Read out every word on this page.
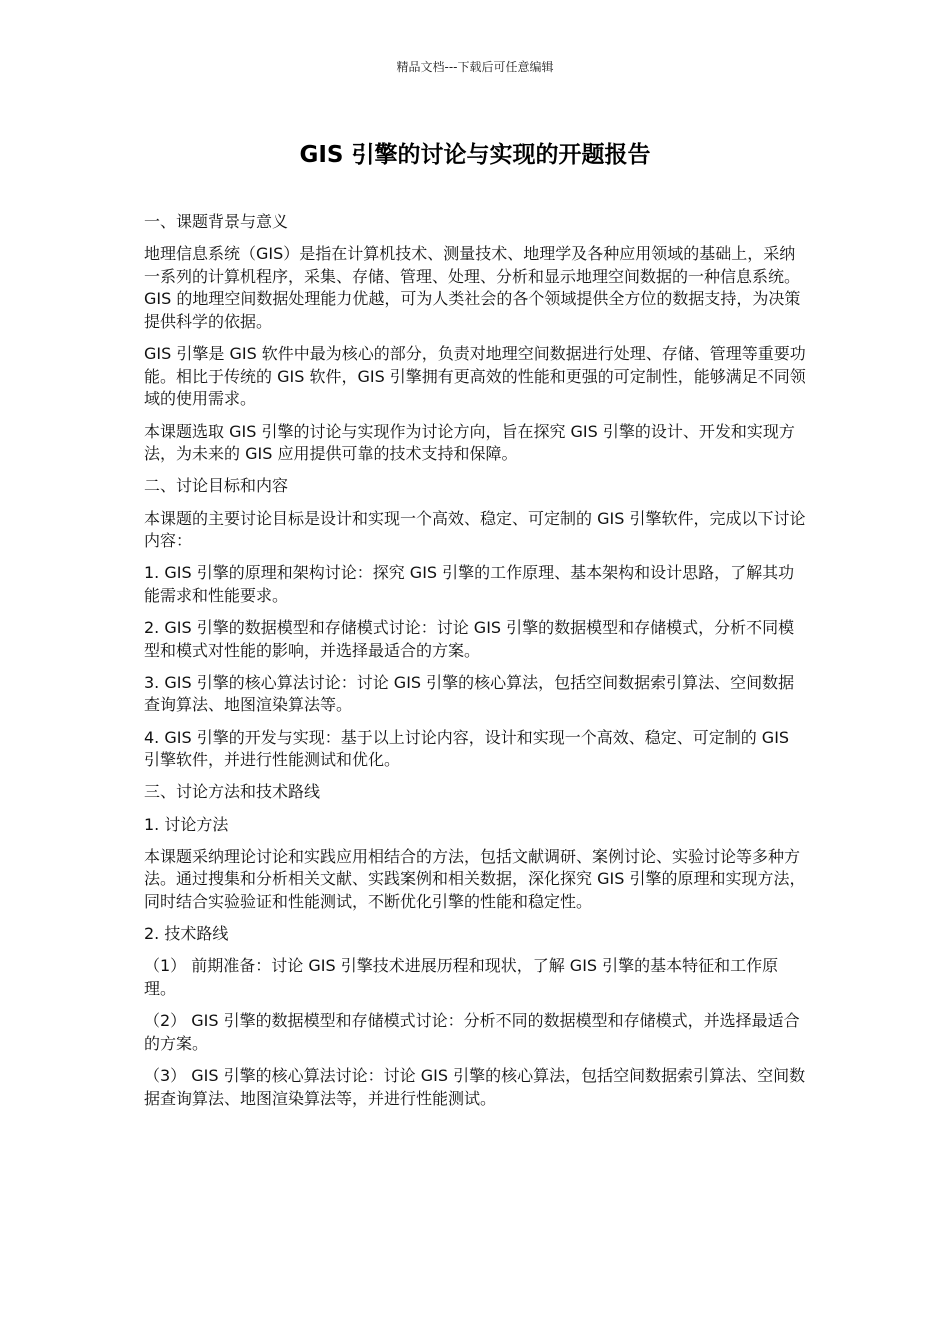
精品文档---下载后可任意编辑
GIS 引擎的讨论与实现的开题报告

一、课题背景与意义

地理信息系统（GIS）是指在计算机技术、测量技术、地理学及各种应用领域的基础上，采纳一系列的计算机程序，采集、存储、管理、处理、分析和显示地理空间数据的一种信息系统。GIS 的地理空间数据处理能力优越，可为人类社会的各个领域提供全方位的数据支持，为决策提供科学的依据。

GIS 引擎是 GIS 软件中最为核心的部分，负责对地理空间数据进行处理、存储、管理等重要功能。相比于传统的 GIS 软件，GIS 引擎拥有更高效的性能和更强的可定制性，能够满足不同领域的使用需求。

本课题选取 GIS 引擎的讨论与实现作为讨论方向，旨在探究 GIS 引擎的设计、开发和实现方法，为未来的 GIS 应用提供可靠的技术支持和保障。

二、讨论目标和内容

本课题的主要讨论目标是设计和实现一个高效、稳定、可定制的 GIS 引擎软件，完成以下讨论内容：

1. GIS 引擎的原理和架构讨论：探究 GIS 引擎的工作原理、基本架构和设计思路，了解其功能需求和性能要求。

2. GIS 引擎的数据模型和存储模式讨论：讨论 GIS 引擎的数据模型和存储模式，分析不同模型和模式对性能的影响，并选择最适合的方案。

3. GIS 引擎的核心算法讨论：讨论 GIS 引擎的核心算法，包括空间数据索引算法、空间数据查询算法、地图渲染算法等。

4. GIS 引擎的开发与实现：基于以上讨论内容，设计和实现一个高效、稳定、可定制的 GIS 引擎软件，并进行性能测试和优化。

三、讨论方法和技术路线

1. 讨论方法

本课题采纳理论讨论和实践应用相结合的方法，包括文献调研、案例讨论、实验讨论等多种方法。通过搜集和分析相关文献、实践案例和相关数据，深化探究 GIS 引擎的原理和实现方法，同时结合实验验证和性能测试，不断优化引擎的性能和稳定性。

2. 技术路线

（1） 前期准备：讨论 GIS 引擎技术进展历程和现状，了解 GIS 引擎的基本特征和工作原理。

（2） GIS 引擎的数据模型和存储模式讨论：分析不同的数据模型和存储模式，并选择最适合的方案。

（3） GIS 引擎的核心算法讨论：讨论 GIS 引擎的核心算法，包括空间数据索引算法、空间数据查询算法、地图渲染算法等，并进行性能测试。
